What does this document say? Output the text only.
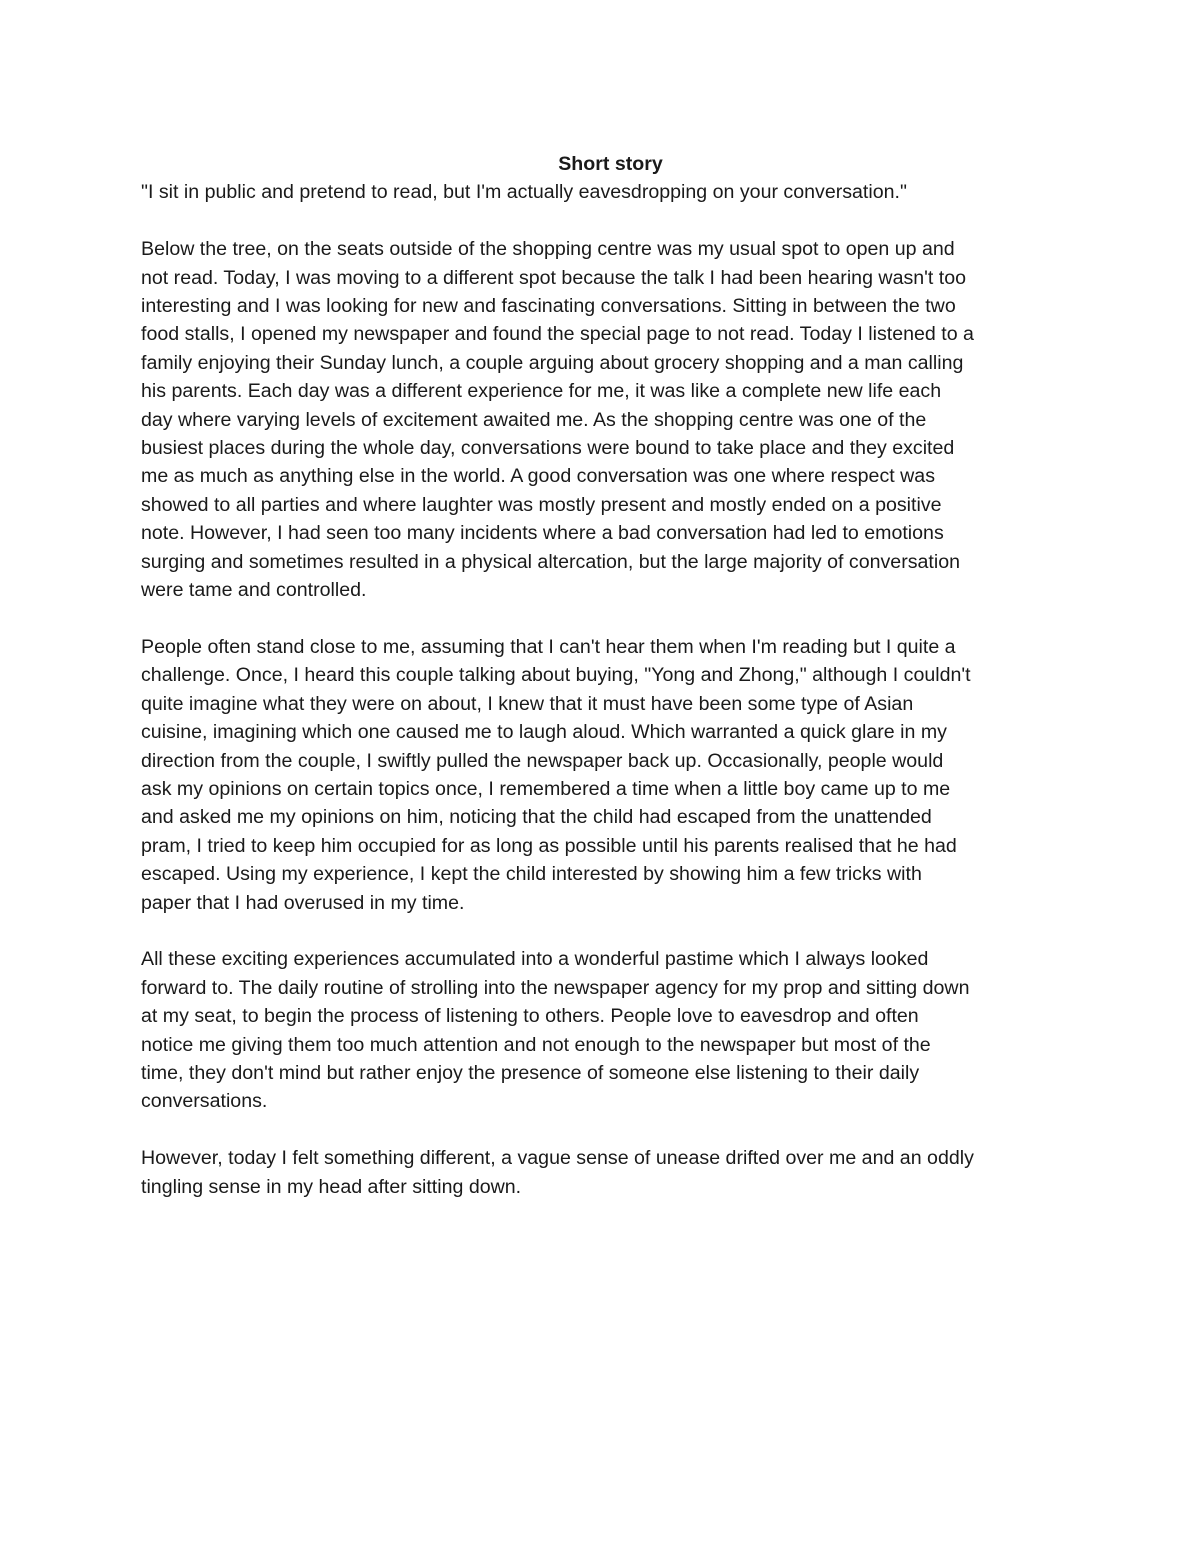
Short story

"I sit in public and pretend to read, but I'm actually eavesdropping on your conversation."

Below the tree, on the seats outside of the shopping centre was my usual spot to open up and
not read. Today, I was moving to a different spot because the talk I had been hearing wasn't too
interesting and I was looking for new and fascinating conversations. Sitting in between the two
food stalls, I opened my newspaper and found the special page to not read. Today I listened to a
family enjoying their Sunday lunch, a couple arguing about grocery shopping and a man calling
his parents. Each day was a different experience for me, it was like a complete new life each
day where varying levels of excitement awaited me. As the shopping centre was one of the
busiest places during the whole day, conversations were bound to take place and they excited
me as much as anything else in the world. A good conversation was one where respect was
showed to all parties and where laughter was mostly present and mostly ended on a positive
note. However, I had seen too many incidents where a bad conversation had led to emotions
surging and sometimes resulted in a physical altercation, but the large majority of conversation
were tame and controlled.

People often stand close to me, assuming that I can't hear them when I'm reading but I quite a
challenge. Once, I heard this couple talking about buying, "Yong and Zhong," although I couldn't
quite imagine what they were on about, I knew that it must have been some type of Asian
cuisine, imagining which one caused me to laugh aloud. Which warranted a quick glare in my
direction from the couple, I swiftly pulled the newspaper back up. Occasionally, people would
ask my opinions on certain topics once, I remembered a time when a little boy came up to me
and asked me my opinions on him, noticing that the child had escaped from the unattended
pram, I tried to keep him occupied for as long as possible until his parents realised that he had
escaped. Using my experience, I kept the child interested by showing him a few tricks with
paper that I had overused in my time.

All these exciting experiences accumulated into a wonderful pastime which I always looked
forward to. The daily routine of strolling into the newspaper agency for my prop and sitting down
at my seat, to begin the process of listening to others. People love to eavesdrop and often
notice me giving them too much attention and not enough to the newspaper but most of the
time, they don't mind but rather enjoy the presence of someone else listening to their daily
conversations.

However, today I felt something different, a vague sense of unease drifted over me and an oddly
tingling sense in my head after sitting down.
